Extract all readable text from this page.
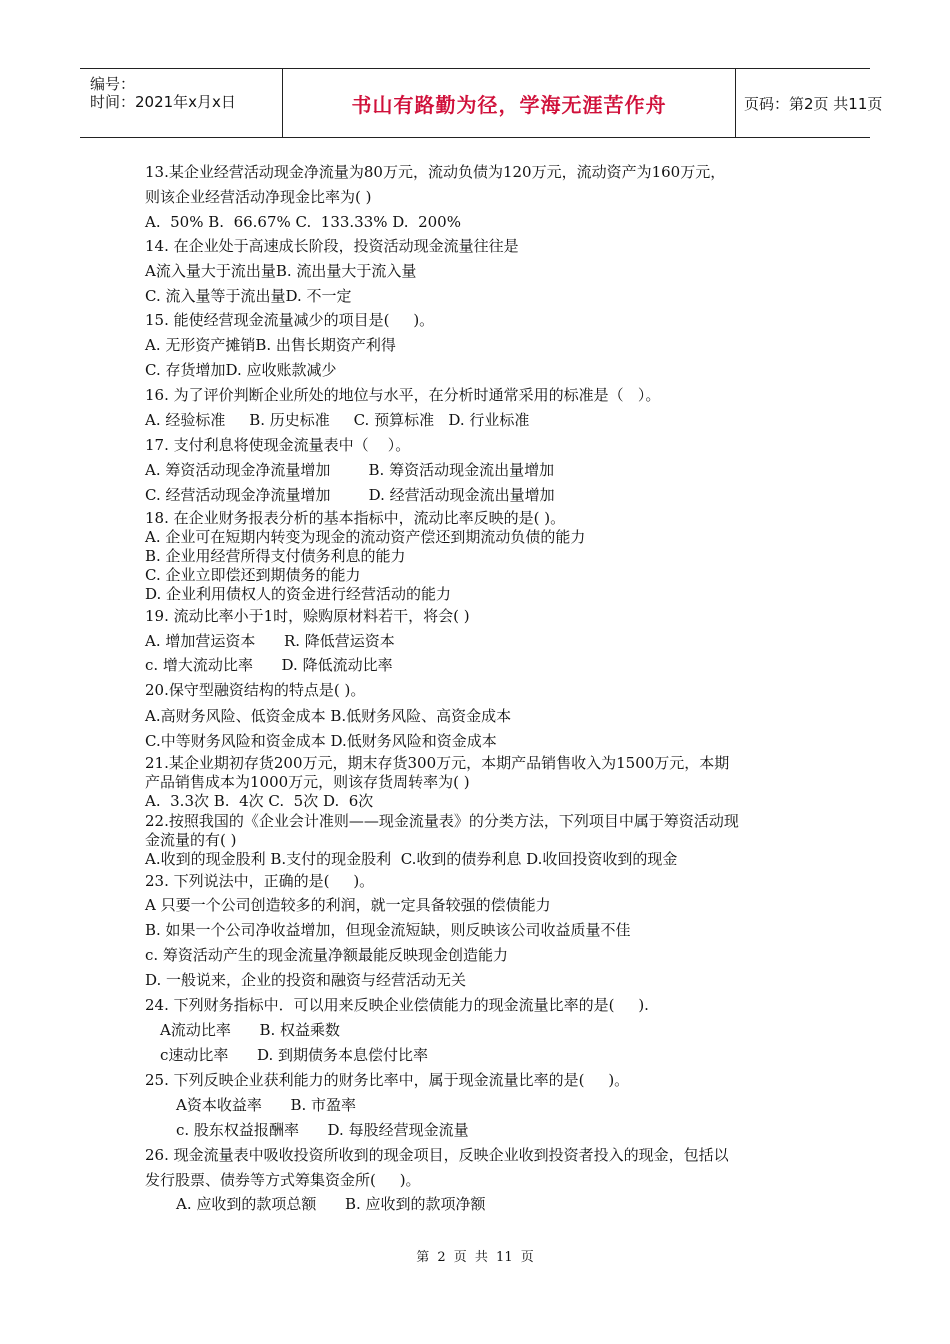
编号：
时间：2021年x月x日	书山有路勤为径，学海无涯苦作舟	页码：第2页 共11页
13.某企业经营活动现金净流量为80万元，流动负债为120万元，流动资产为160万元，
则该企业经营活动净现金比率为( )
A.  50% B.  66.67% C.  133.33% D.  200%
14. 在企业处于高速成长阶段，投资活动现金流量往往是
A流入量大于流出量B. 流出量大于流入量
C. 流入量等于流出量D. 不一定
15. 能使经营现金流量减少的项目是(     )。
A. 无形资产摊销B. 出售长期资产利得
C. 存货增加D. 应收账款减少
16. 为了评价判断企业所处的地位与水平，在分析时通常采用的标准是（   ）。
A. 经验标准     B. 历史标准     C. 预算标准   D. 行业标准
17. 支付利息将使现金流量表中（    ）。
A. 筹资活动现金净流量增加        B. 筹资活动现金流出量增加
C. 经营活动现金净流量增加        D. 经营活动现金流出量增加
18. 在企业财务报表分析的基本指标中，流动比率反映的是( )。
A. 企业可在短期内转变为现金的流动资产偿还到期流动负债的能力
B. 企业用经营所得支付债务利息的能力
C. 企业立即偿还到期债务的能力
D. 企业利用债权人的资金进行经营活动的能力
19. 流动比率小于1时，赊购原材料若干，将会( )
A. 增加营运资本      R. 降低营运资本
c. 增大流动比率      D. 降低流动比率
20.保守型融资结构的特点是( )。
A.高财务风险、低资金成本 B.低财务风险、高资金成本
C.中等财务风险和资金成本 D.低财务风险和资金成本
21.某企业期初存货200万元，期末存货300万元，本期产品销售收入为1500万元，本期
产品销售成本为1000万元，则该存货周转率为( )
A.  3.3次 B.  4次 C.  5次 D.  6次
22.按照我国的《企业会计准则——现金流量表》的分类方法，下列项目中属于筹资活动现
金流量的有( )
A.收到的现金股利 B.支付的现金股利  C.收到的债券利息 D.收回投资收到的现金
23. 下列说法中，正确的是(     )。
A 只要一个公司创造较多的利润，就一定具备较强的偿债能力
B. 如果一个公司净收益增加，但现金流短缺，则反映该公司收益质量不佳
c. 筹资活动产生的现金流量净额最能反映现金创造能力
D. 一般说来，企业的投资和融资与经营活动无关
24. 下列财务指标中．可以用来反映企业偿债能力的现金流量比率的是(     ).
A流动比率      B. 权益乘数
c速动比率      D. 到期债务本息偿付比率
25. 下列反映企业获利能力的财务比率中，属于现金流量比率的是(     )。
A资本收益率      B. 市盈率
c. 股东权益报酬率      D. 每股经营现金流量
26. 现金流量表中吸收投资所收到的现金项目，反映企业收到投资者投入的现金，包括以
发行股票、债券等方式筹集资金所(     )。
A. 应收到的款项总额      B. 应收到的款项净额
第 2 页 共 11 页
